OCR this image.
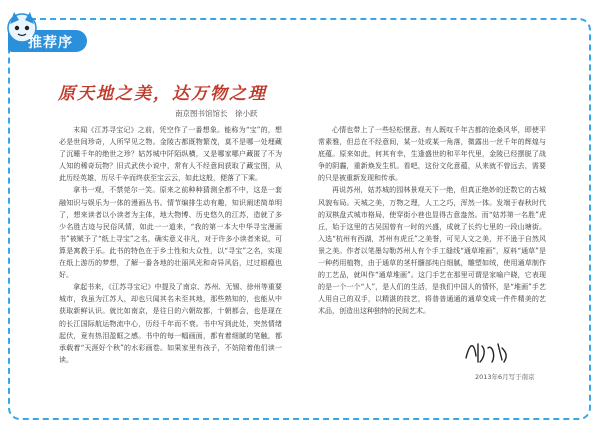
推荐序
原天地之美，达万物之理
南京图书馆馆长　徐小跃

末闻《江苏寻宝记》之前，凭空作了一番想象。能称为“宝”的，想必是世间珍奇，人所罕见之物。金陵古都既物繁茂，莫不是哪一处埋藏了沉睡千年的绝世之珍？姑苏城中阡陌纵横，又是哪家哪户藏匿了不为人知的稀奇玩物？旧式武侠小说中，常有人不经意间获取了藏宝图，从此历经英雄，历尽千辛而终获至宝云云，如此这般，便落了下乘。

拿书一观，不禁莞尔一笑。原来之前种种猜测全都不中，这是一套融知识与娱乐为一体的漫画丛书。情节编排生动有趣，知识阐述简单明了，想来读者以小读者为主体，地大物博、历史悠久的江苏，造就了多少名胜古迹与民俗风情，如此一一道来，“我的第一本大中华寻宝漫画书”被赋予了“纸上寻宝”之名，确实意义非凡，对于许多小读者来说，可算是寓教于乐。此书的特色在于乡土性和大众性，以“寻宝”之名，实现在纸上游历的梦想，了解一番各地的壮丽风光和奇异风俗，过过眼瘾也好。

拿起书来，《江苏寻宝记》中提及了南京、苏州、无锡、徐州等重要城市，我虽为江苏人，却也只闻其名未至其地，那些熟知的，也能从中获取新鲜认识。就比如南京，是往日的六朝故都，十朝都会，也是现在的长江国际航运物流中心，历经千年而不衰。书中写到此处，突然情绪起伏，竟有热泪盈眶之感。书中的每一幅画面，都有着细腻的笔触，都承载着“天涯好个秋”的水彩画卷。如果家里有孩子，不妨陪着他们读一读。

心情也带上了一些轻松惬意。有人既叹千年古都的沧桑风华，即使平常素雅，但总在不经意间，某一处或某一角落，微露出一丝千年的辉煌与底蕴。原来如此，何其有幸，生逢盛世的和平年代里，金陵已经摆脱了战争的阴霾，重新焕发生机。看吧，这份文化意蕴，从来就不曾远去，需要的只是被重新发现和传承。

再说苏州，姑苏城的园林景观天下一绝，但真正绝妙的还数它的古城风貌布局。天城之美，万物之理，人工之巧，浑然一体。发端于春秋时代的双棋盘式城市格局，使穿街小巷也显得古意盎然。而“姑苏第一名胜”虎丘，始于这里的古吴国曾有一时的兴盛，成就了长约七里的一段山塘街。入选“杭州有西湖，苏州有虎丘”之美誉，可见人文之美，并不逊于自然风景之美。作者以笔墨勾勒苏州人有个手工缝线“通草堆画”，原料“通草”是一种药用植物，由于通草的茎杆髓部纯白细腻，雕塑如绒，使用通草制作的工艺品，就叫作“通草堆画”。这门手艺在那里可谓是家喻户晓，它表现的是一个一个“人”，是人们的生活，是我们中国人的情怀，是“堆画”手艺人用自己的双手，以精湛的技艺，将普普通通的通草变成一件件精美的艺术品，创造出这种独特的民间艺术。

2013年6月写于南京
